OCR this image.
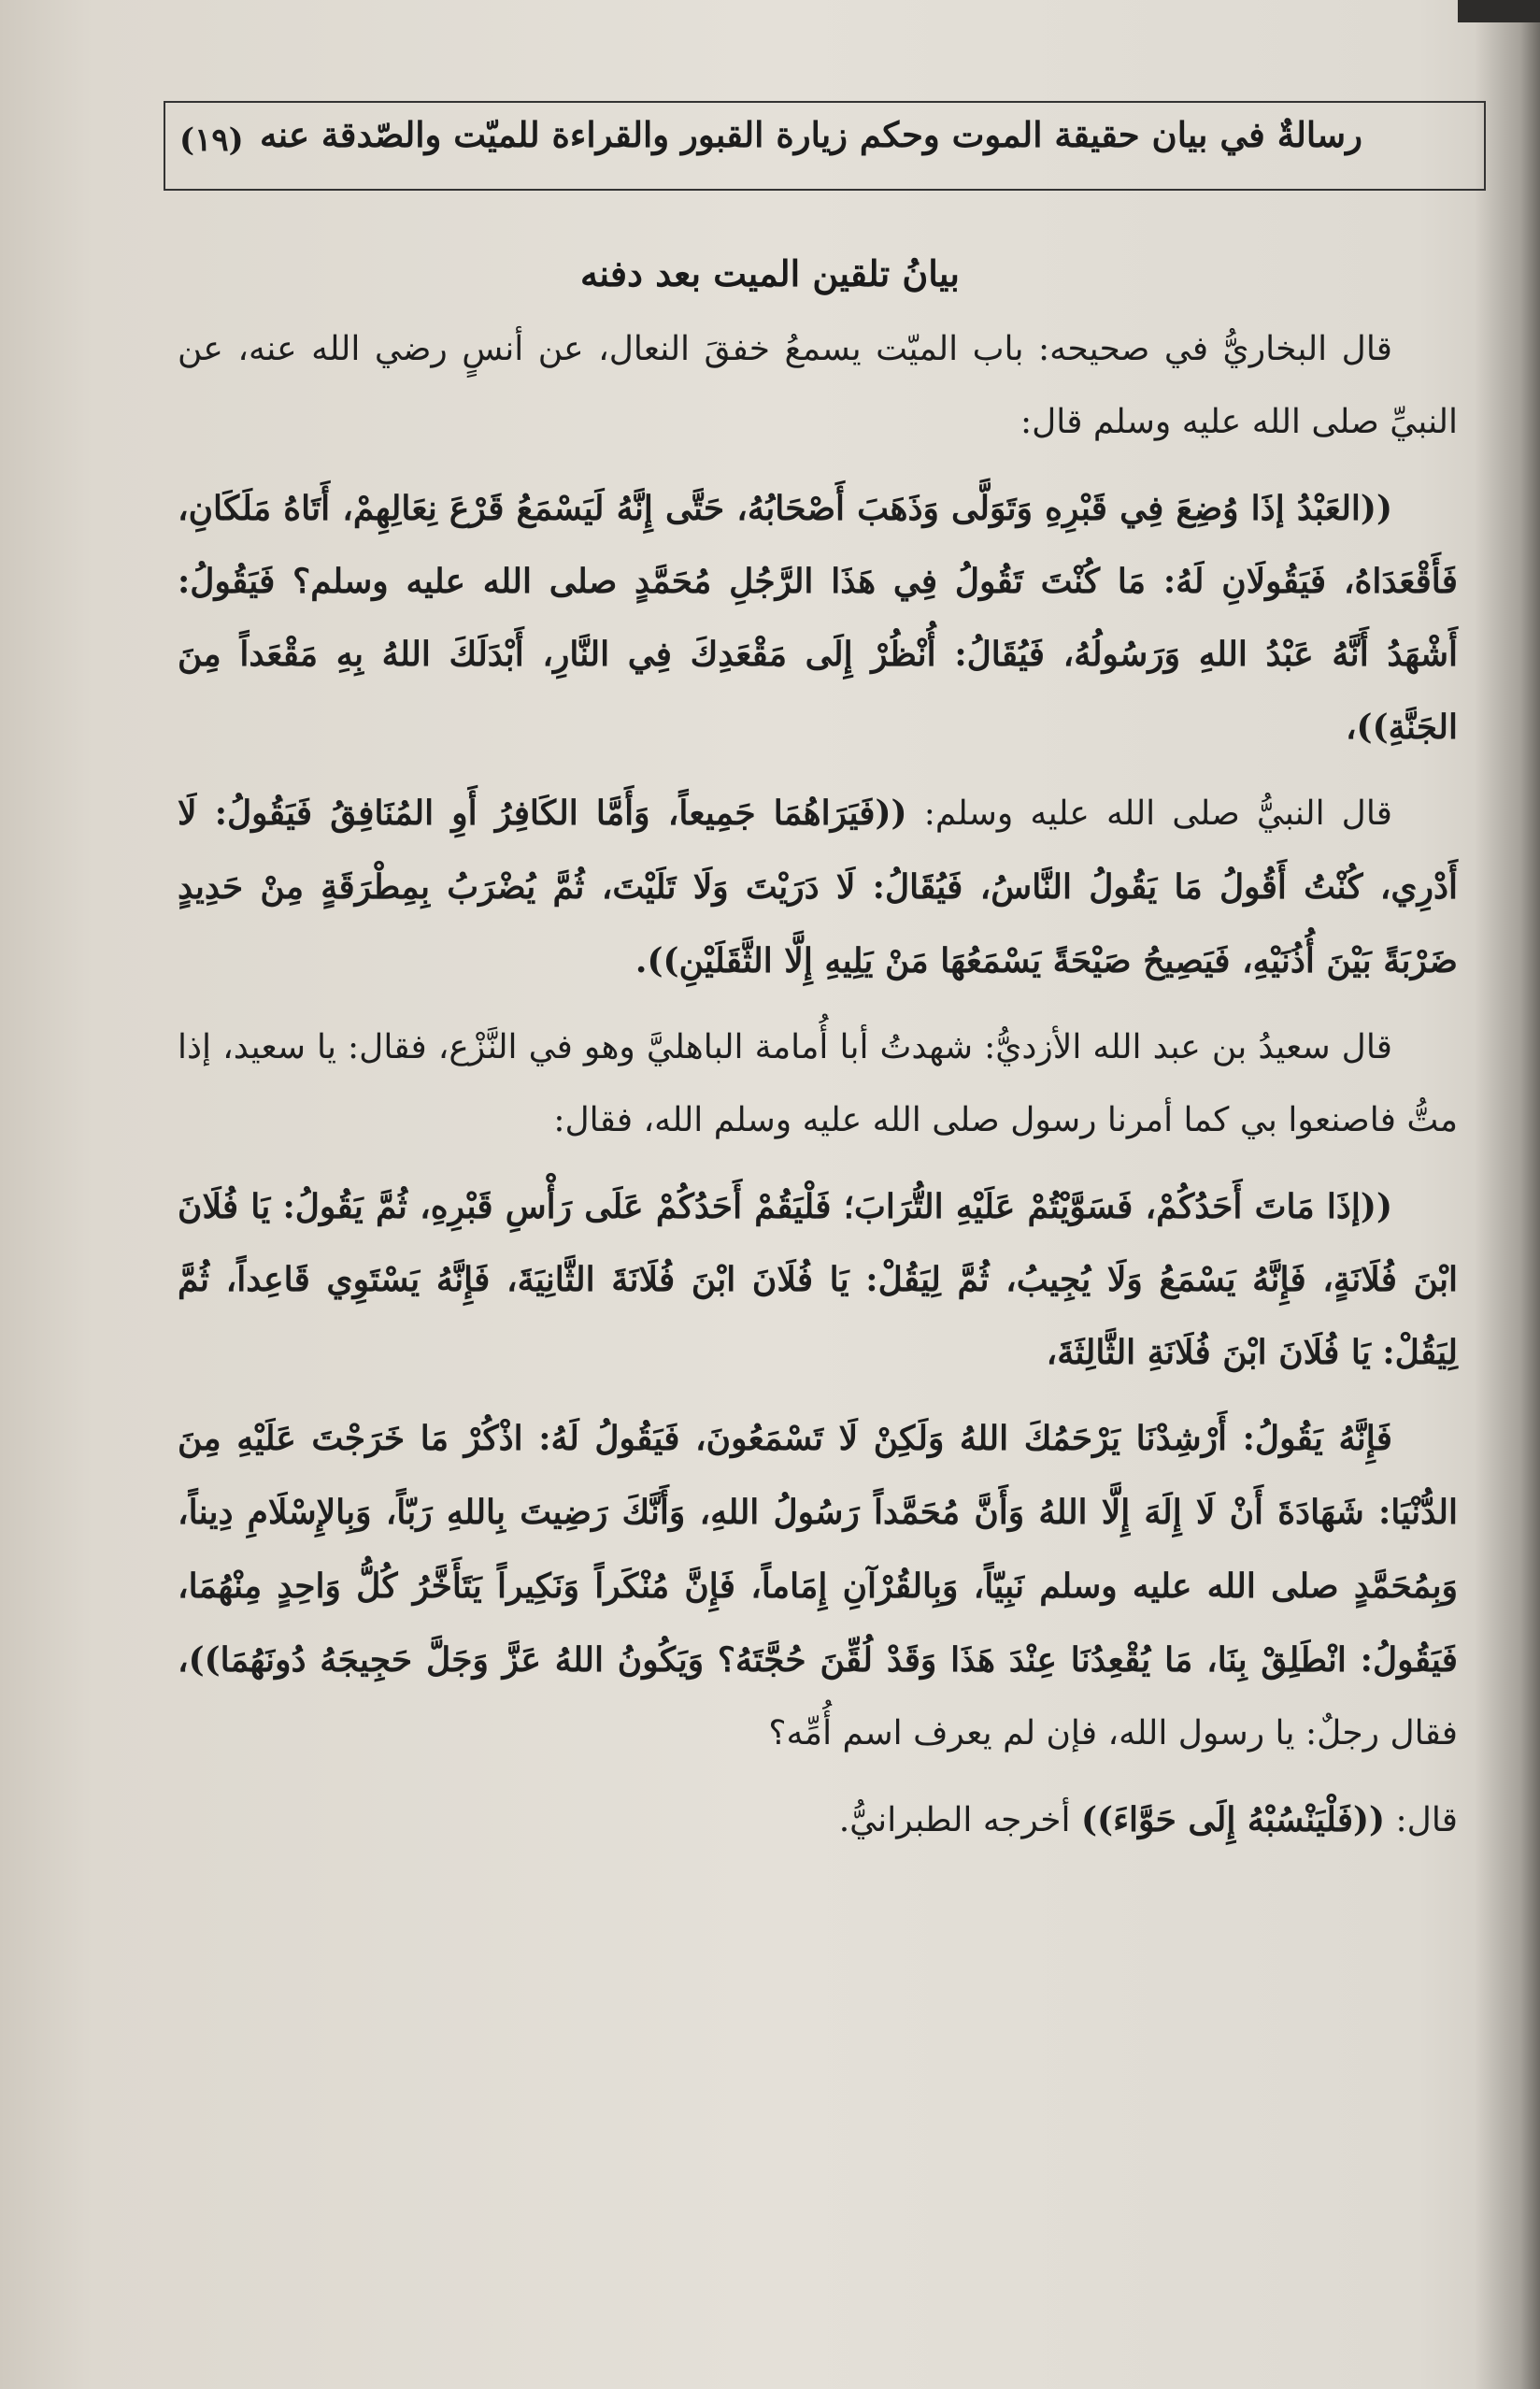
رسالةٌ في بيان حقيقة الموت وحكم زيارة القبور والقراءة للميّت والصّدقة عنه
(١٩)
بيانُ تلقين الميت بعد دفنه

قال البخاريُّ في صحيحه: باب الميّت يسمعُ خفقَ النعال، عن أنسٍ رضي الله عنه، عن النبيِّ صلى الله عليه وسلم قال:

((العَبْدُ إذَا وُضِعَ فِي قَبْرِهِ وَتَوَلَّى وَذَهَبَ أَصْحَابُهُ، حَتَّى إِنَّهُ لَيَسْمَعُ قَرْعَ نِعَالِهِمْ، أَتَاهُ مَلَكَانِ، فَأَقْعَدَاهُ، فَيَقُولَانِ لَهُ: مَا كُنْتَ تَقُولُ فِي هَذَا الرَّجُلِ مُحَمَّدٍ صلى الله عليه وسلم؟ فَيَقُولُ: أَشْهَدُ أَنَّهُ عَبْدُ اللهِ وَرَسُولُهُ، فَيُقَالُ: أُنْظُرْ إِلَى مَقْعَدِكَ فِي النَّارِ، أَبْدَلَكَ اللهُ بِهِ مَقْعَداً مِنَ الجَنَّةِ))،

قال النبيُّ صلى الله عليه وسلم: ((فَيَرَاهُمَا جَمِيعاً، وَأَمَّا الكَافِرُ أَوِ المُنَافِقُ فَيَقُولُ: لَا أَدْرِي، كُنْتُ أَقُولُ مَا يَقُولُ النَّاسُ، فَيُقَالُ: لَا دَرَيْتَ وَلَا تَلَيْتَ، ثُمَّ يُضْرَبُ بِمِطْرَقَةٍ مِنْ حَدِيدٍ ضَرْبَةً بَيْنَ أُذُنَيْهِ، فَيَصِيحُ صَيْحَةً يَسْمَعُهَا مَنْ يَلِيهِ إِلَّا الثَّقَلَيْنِ)).

قال سعيدُ بن عبد الله الأزديُّ: شهدتُ أبا أُمامة الباهليَّ وهو في النَّزْع، فقال: يا سعيد، إذا متُّ فاصنعوا بي كما أمرنا رسول صلى الله عليه وسلم الله، فقال:

((إذَا مَاتَ أَحَدُكُمْ، فَسَوَّيْتُمْ عَلَيْهِ التُّرَابَ؛ فَلْيَقُمْ أَحَدُكُمْ عَلَى رَأْسِ قَبْرِهِ، ثُمَّ يَقُولُ: يَا فُلَانَ ابْنَ فُلَانَةٍ، فَإِنَّهُ يَسْمَعُ وَلَا يُجِيبُ، ثُمَّ لِيَقُلْ: يَا فُلَانَ ابْنَ فُلَانَةَ الثَّانِيَةَ، فَإِنَّهُ يَسْتَوِي قَاعِداً، ثُمَّ لِيَقُلْ: يَا فُلَانَ ابْنَ فُلَانَةِ الثَّالِثَةَ،

فَإِنَّهُ يَقُولُ: أَرْشِدْنَا يَرْحَمُكَ اللهُ وَلَكِنْ لَا تَسْمَعُونَ، فَيَقُولُ لَهُ: اذْكُرْ مَا خَرَجْتَ عَلَيْهِ مِنَ الدُّنْيَا: شَهَادَةَ أَنْ لَا إِلَهَ إِلَّا اللهُ وَأَنَّ مُحَمَّداً رَسُولُ اللهِ، وَأَنَّكَ رَضِيتَ بِاللهِ رَبّاً، وَبِالإِسْلَامِ دِيناً، وَبِمُحَمَّدٍ صلى الله عليه وسلم نَبِيّاً، وَبِالقُرْآنِ إِمَاماً، فَإِنَّ مُنْكَراً وَنَكِيراً يَتَأَخَّرُ كُلُّ وَاحِدٍ مِنْهُمَا، فَيَقُولُ: انْطَلِقْ بِنَا، مَا يُقْعِدُنَا عِنْدَ هَذَا وَقَدْ لُقِّنَ حُجَّتَهُ؟ وَيَكُونُ اللهُ عَزَّ وَجَلَّ حَجِيجَهُ دُونَهُمَا))، فقال رجلٌ: يا رسول الله، فإن لم يعرف اسم أُمِّه؟

قال: ((فَلْيَنْسُبْهُ إِلَى حَوَّاءَ)) أخرجه الطبرانيُّ.
